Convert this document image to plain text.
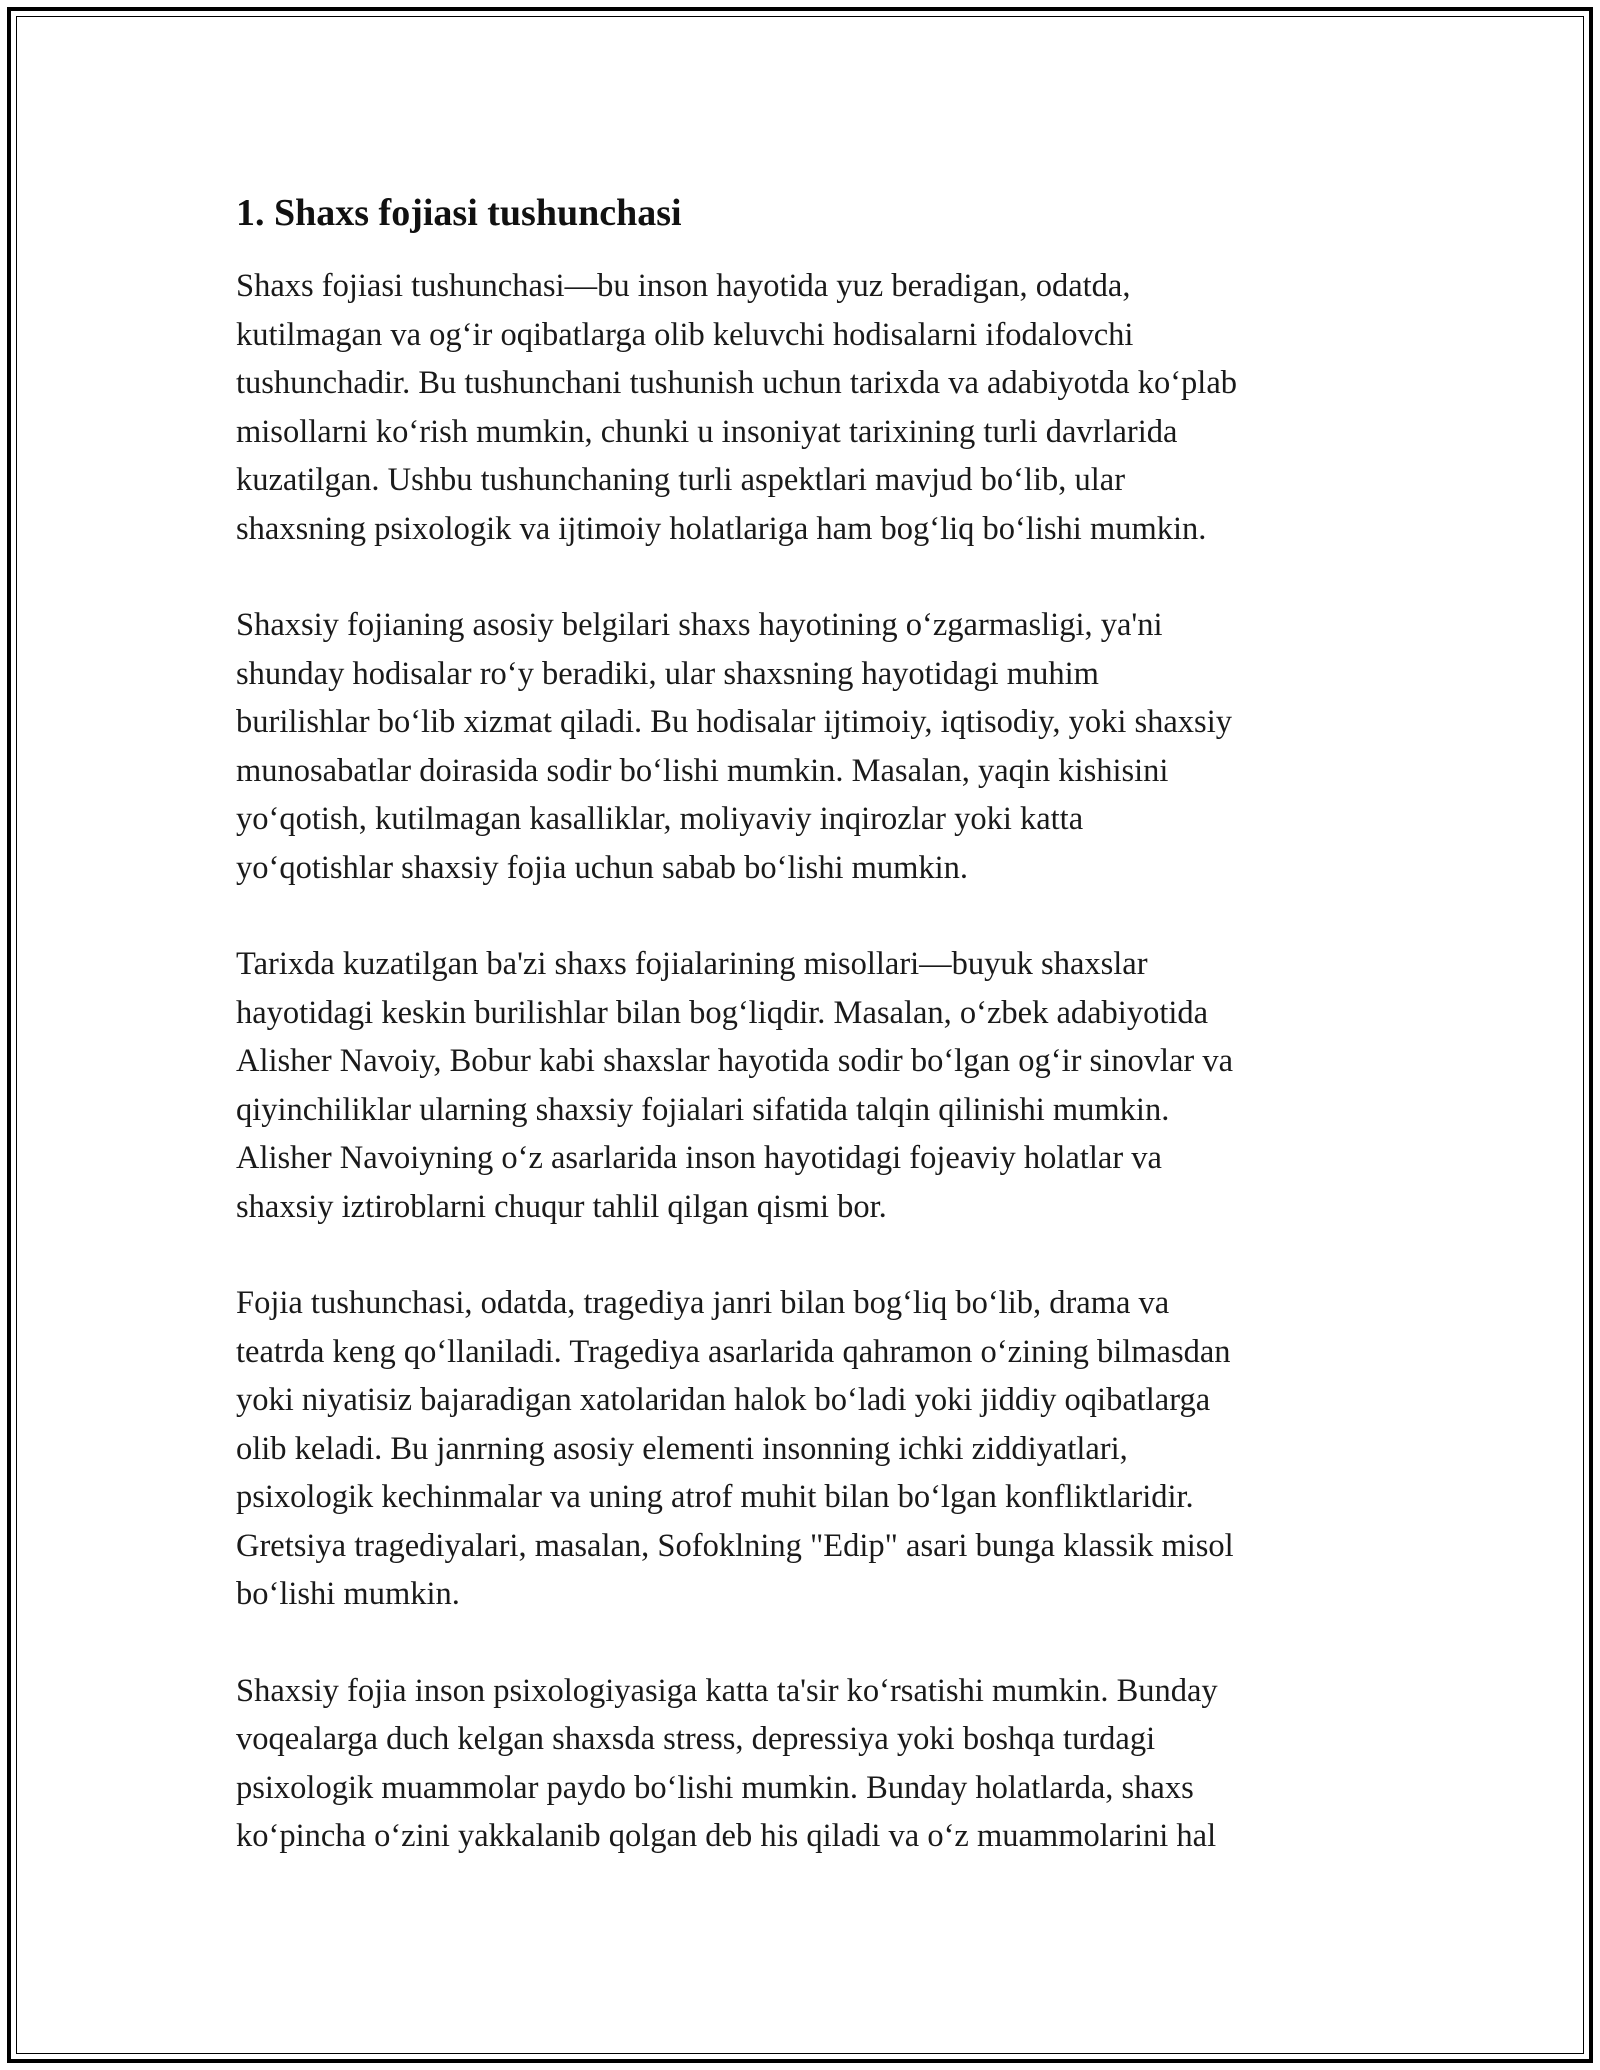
1. Shaxs fojiasi tushunchasi

Shaxs fojiasi tushunchasi—bu inson hayotida yuz beradigan, odatda,
kutilmagan va og‘ir oqibatlarga olib keluvchi hodisalarni ifodalovchi
tushunchadir. Bu tushunchani tushunish uchun tarixda va adabiyotda ko‘plab
misollarni ko‘rish mumkin, chunki u insoniyat tarixining turli davrlarida
kuzatilgan. Ushbu tushunchaning turli aspektlari mavjud bo‘lib, ular
shaxsning psixologik va ijtimoiy holatlariga ham bog‘liq bo‘lishi mumkin.

Shaxsiy fojianing asosiy belgilari shaxs hayotining o‘zgarmasligi, ya'ni
shunday hodisalar ro‘y beradiki, ular shaxsning hayotidagi muhim
burilishlar bo‘lib xizmat qiladi. Bu hodisalar ijtimoiy, iqtisodiy, yoki shaxsiy
munosabatlar doirasida sodir bo‘lishi mumkin. Masalan, yaqin kishisini
yo‘qotish, kutilmagan kasalliklar, moliyaviy inqirozlar yoki katta
yo‘qotishlar shaxsiy fojia uchun sabab bo‘lishi mumkin.

Tarixda kuzatilgan ba'zi shaxs fojialarining misollari—buyuk shaxslar
hayotidagi keskin burilishlar bilan bog‘liqdir. Masalan, o‘zbek adabiyotida
Alisher Navoiy, Bobur kabi shaxslar hayotida sodir bo‘lgan og‘ir sinovlar va
qiyinchiliklar ularning shaxsiy fojialari sifatida talqin qilinishi mumkin.
Alisher Navoiyning o‘z asarlarida inson hayotidagi fojeaviy holatlar va
shaxsiy iztiroblarni chuqur tahlil qilgan qismi bor.

Fojia tushunchasi, odatda, tragediya janri bilan bog‘liq bo‘lib, drama va
teatrda keng qo‘llaniladi. Tragediya asarlarida qahramon o‘zining bilmasdan
yoki niyatisiz bajaradigan xatolaridan halok bo‘ladi yoki jiddiy oqibatlarga
olib keladi. Bu janrning asosiy elementi insonning ichki ziddiyatlari,
psixologik kechinmalar va uning atrof muhit bilan bo‘lgan konfliktlaridir.
Gretsiya tragediyalari, masalan, Sofoklning "Edip" asari bunga klassik misol
bo‘lishi mumkin.

Shaxsiy fojia inson psixologiyasiga katta ta'sir ko‘rsatishi mumkin. Bunday
voqealarga duch kelgan shaxsda stress, depressiya yoki boshqa turdagi
psixologik muammolar paydo bo‘lishi mumkin. Bunday holatlarda, shaxs
ko‘pincha o‘zini yakkalanib qolgan deb his qiladi va o‘z muammolarini hal
